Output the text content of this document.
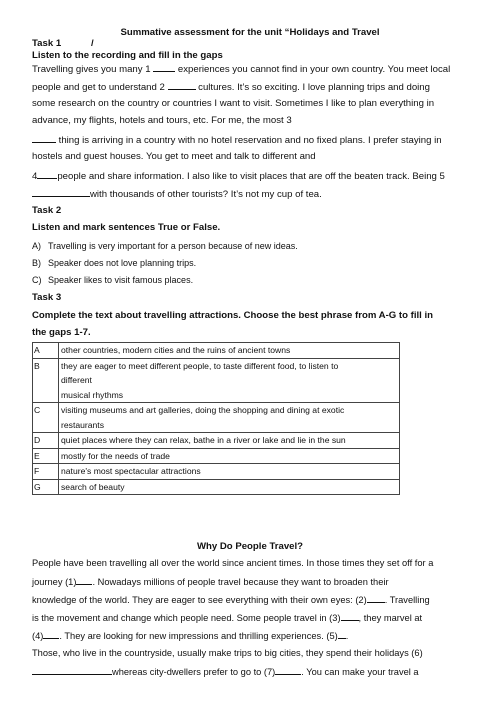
Summative assessment for the unit “Holidays and Travel
Task 1	/
Listen to the recording and fill in the gaps
Travelling gives you many 1	experiences you cannot find in your own country. You meet local
people and get to understand 2	cultures. It’s so exciting. I love planning trips and doing
some research on the country or countries I want to visit. Sometimes I like to plan everything in
advance, my flights, hotels and tours, etc. For me, the most 3
thing is arriving in a country with no hotel reservation and no fixed plans. I prefer staying in
hostels and guest houses. You get to meet and talk to different and
4 people and share information. I also like to visit places that are off the beaten track. Being 5
with thousands of other tourists? It’s not my cup of tea.
Task 2
Listen and mark sentences True or False.
A) Travelling is very important for a person because of new ideas.
B) Speaker does not love planning trips.
C) Speaker likes to visit famous places.
Task 3
Complete the text about travelling attractions. Choose the best phrase from A-G to fill in
the gaps 1-7.
A	other countries, modern cities and the ruins of ancient towns

B	they are eager to meet different people, to taste different food, to listen to
different
musical rhythms

C	visiting museums and art galleries, doing the shopping and dining at exotic
restaurants

D	quiet places where they can relax, bathe in a river or lake and lie in the sun

E	mostly for the needs of trade

F	nature's most spectacular attractions

G	search of beauty
Why Do People Travel?
People have been travelling all over the world since ancient times. In those times they set off for a
journey (1) . Nowadays millions of people travel because they want to broaden their
knowledge of the world. They are eager to see everything with their own eyes: (2) . Travelling
is the movement and change which people need. Some people travel in (3) , they marvel at
(4) . They are looking for new impressions and thrilling experiences. (5) .
Those, who live in the countryside, usually make trips to big cities, they spend their holidays (6)
whereas city-dwellers prefer to go to (7)	. You can make your travel a
